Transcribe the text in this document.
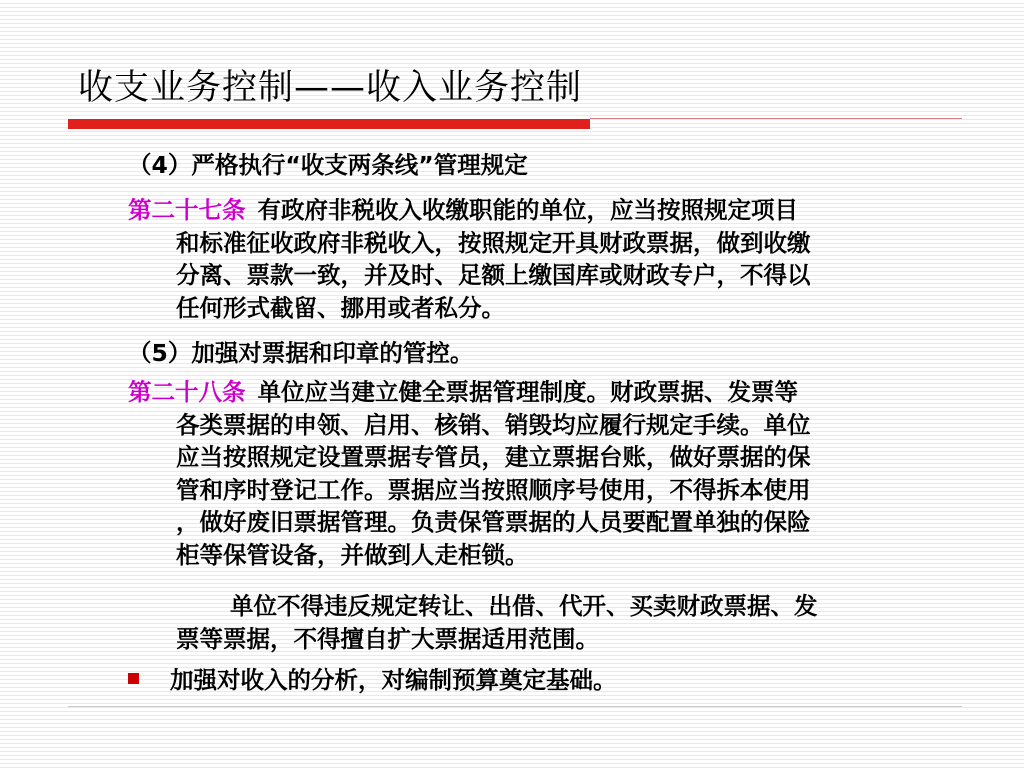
收支业务控制——收入业务控制
（4）严格执行“收支两条线”管理规定
第二十七条 有政府非税收入收缴职能的单位，应当按照规定项目
和标准征收政府非税收入，按照规定开具财政票据，做到收缴
分离、票款一致，并及时、足额上缴国库或财政专户，不得以
任何形式截留、挪用或者私分。
（5）加强对票据和印章的管控。
第二十八条 单位应当建立健全票据管理制度。财政票据、发票等
各类票据的申领、启用、核销、销毁均应履行规定手续。单位
应当按照规定设置票据专管员，建立票据台账，做好票据的保
管和序时登记工作。票据应当按照顺序号使用，不得拆本使用
，做好废旧票据管理。负责保管票据的人员要配置单独的保险
柜等保管设备，并做到人走柜锁。
单位不得违反规定转让、出借、代开、买卖财政票据、发
票等票据，不得擅自扩大票据适用范围。
加强对收入的分析，对编制预算奠定基础。
